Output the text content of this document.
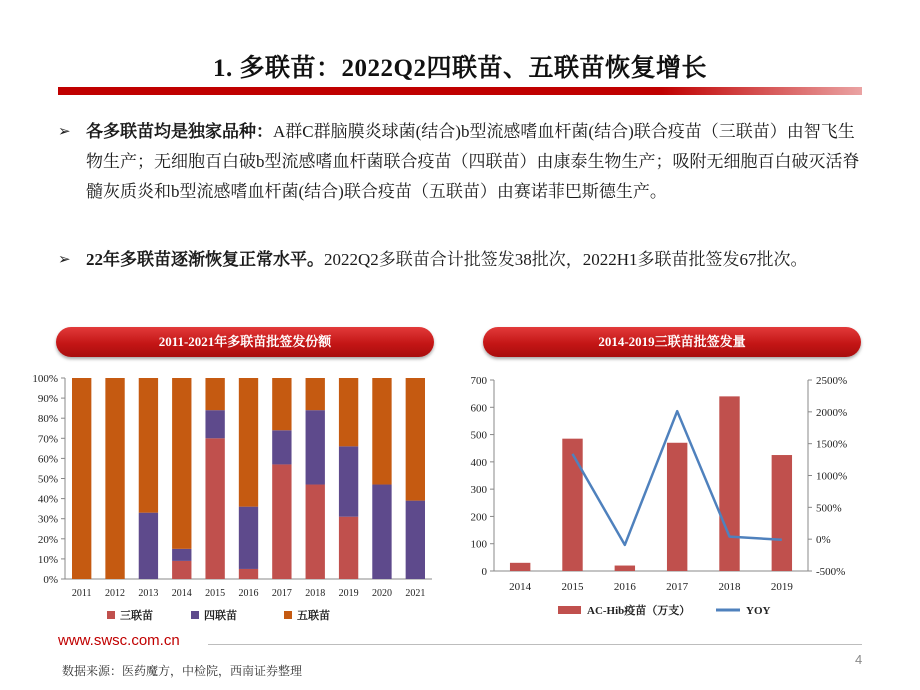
1. 多联苗：2022Q2四联苗、五联苗恢复增长
➢ 各多联苗均是独家品种：A群C群脑膜炎球菌(结合)b型流感嗜血杆菌(结合)联合疫苗（三联苗）由智飞生物生产；无细胞百白破b型流感嗜血杆菌联合疫苗（四联苗）由康泰生物生产；吸附无细胞百白破灭活脊髓灰质炎和b型流感嗜血杆菌(结合)联合疫苗（五联苗）由赛诺菲巴斯德生产。
➢ 22年多联苗逐渐恢复正常水平。2022Q2多联苗合计批签发38批次，2022H1多联苗批签发67批次。
2011-2021年多联苗批签发份额	2014-2019三联苗批签发量
0%
10%
20%
30%
40%
50%
60%
70%
80%
90%
100%
2011 2012 2013 2014 2015 2016 2017 2018 2019 2020 2021
三联苗	四联苗	五联苗
0
100
200
300
400
500
600
700
-500%
0%
500%
1000%
1500%
2000%
2500%
2014	2015	2016	2017	2018	2019
AC-Hib疫苗（万支）	YOY
www.swsc.com.cn
4
数据来源：医药魔方，中检院，西南证券整理
